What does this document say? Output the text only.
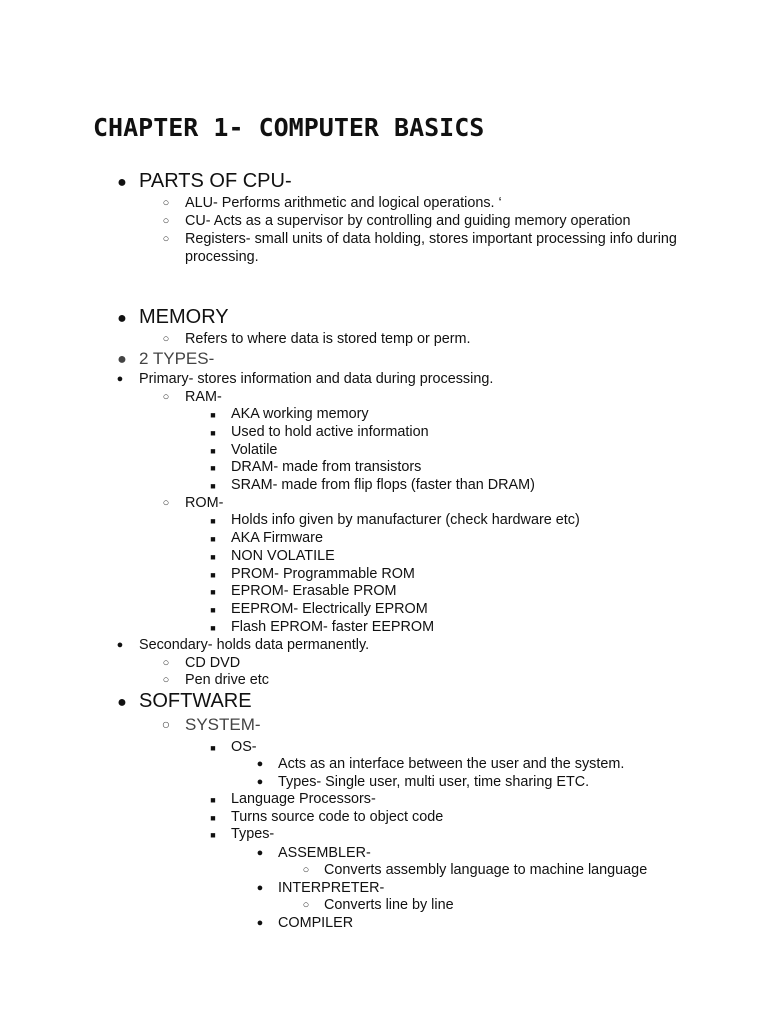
CHAPTER 1- COMPUTER BASICS
● PARTS OF CPU-
○	ALU- Performs arithmetic and logical operations. ‘
○	CU- Acts as a supervisor by controlling and guiding memory operation
○	Registers- small units of data holding, stores important processing info during processing.
● MEMORY
○	Refers to where data is stored temp or perm.
● 2 TYPES-
●	Primary- stores information and data during processing.
○	RAM-
■	AKA working memory
■	Used to hold active information
■	Volatile
■	DRAM- made from transistors
■	SRAM- made from flip flops (faster than DRAM)
○	ROM-
■	Holds info given by manufacturer (check hardware etc)
■	AKA Firmware
■	NON VOLATILE
■	PROM- Programmable ROM
■	EPROM- Erasable PROM
■	EEPROM- Electrically EPROM
■	Flash EPROM- faster EEPROM
●	Secondary- holds data permanently.
○	CD DVD
○	Pen drive etc
● SOFTWARE
○ SYSTEM-
■	OS-
●	Acts as an interface between the user and the system.
●	Types- Single user, multi user, time sharing ETC.
■	Language Processors-
■	Turns source code to object code
■	Types-
●	ASSEMBLER-
○	Converts assembly language to machine language
●	INTERPRETER-
○	Converts line by line
●	COMPILER
